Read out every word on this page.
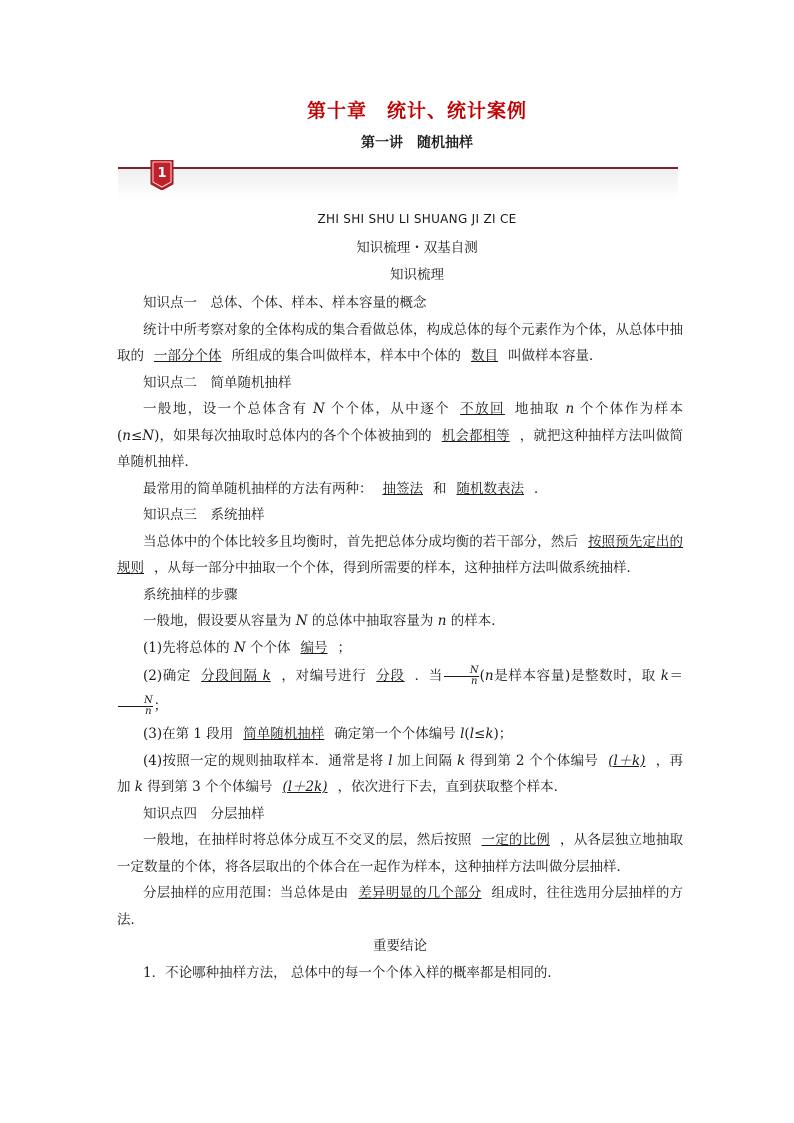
第十章　统计、统计案例
第一讲　随机抽样
1
ZHI SHI SHU LI SHUANG JI ZI CE
知识梳理・双基自测
知识梳理

知识点一　总体、个体、样本、样本容量的概念

统计中所考察对象的全体构成的集合看做总体，构成总体的每个元素作为个体，从总体中抽取的 一部分个体 所组成的集合叫做样本，样本中个体的 数目 叫做样本容量．

知识点二　简单随机抽样

一般地，设一个总体含有 N 个个体，从中逐个 不放回 地抽取 n 个个体作为样本(n≤N)，如果每次抽取时总体内的各个个体被抽到的 机会都相等 ，就把这种抽样方法叫做简单随机抽样．

最常用的简单随机抽样的方法有两种： 抽签法 和 随机数表法 ．

知识点三　系统抽样

当总体中的个体比较多且均衡时，首先把总体分成均衡的若干部分，然后 按照预先定出的规则 ，从每一部分中抽取一个个体，得到所需要的样本，这种抽样方法叫做系统抽样．

系统抽样的步骤

一般地，假设要从容量为 N 的总体中抽取容量为 n 的样本．

(1)先将总体的 N 个个体 编号 ；

(2)确定 分段间隔 k ，对编号进行 分段 ．当 $\frac{N}{n} (n$是样本容量)是整数时，取 k＝
$\frac{N}{n}$ ；

(3)在第 1 段用 简单随机抽样 确定第一个个体编号 l(l≤k)；

(4)按照一定的规则抽取样本．通常是将 l 加上间隔 k 得到第 2 个个体编号 (l＋k) ，再加 k 得到第 3 个个体编号 (l＋2k) ，依次进行下去，直到获取整个样本．

知识点四　分层抽样

一般地，在抽样时将总体分成互不交叉的层，然后按照 一定的比例 ，从各层独立地抽取一定数量的个体，将各层取出的个体合在一起作为样本，这种抽样方法叫做分层抽样．

分层抽样的应用范围：当总体是由 差异明显的几个部分 组成时，往往选用分层抽样的方法．

重要结论

1．不论哪种抽样方法， 总体中的每一个个体入样的概率都是相同的．
